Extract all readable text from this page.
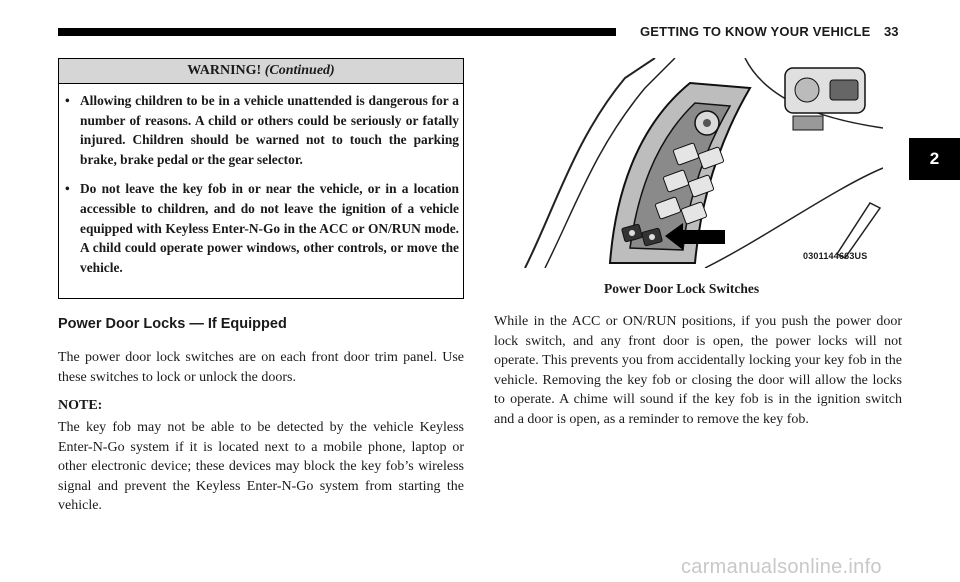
GETTING TO KNOW YOUR VEHICLE 33
2
WARNING! (Continued)
• Allowing children to be in a vehicle unattended is dangerous for a number of reasons. A child or others could be seriously or fatally injured. Children should be warned not to touch the parking brake, brake pedal or the gear selector.
• Do not leave the key fob in or near the vehicle, or in a location accessible to children, and do not leave the ignition of a vehicle equipped with Keyless Enter-N-Go in the ACC or ON/RUN mode. A child could operate power windows, other controls, or move the vehicle.
Power Door Locks — If Equipped

The power door lock switches are on each front door trim panel. Use these switches to lock or unlock the doors.

NOTE:

The key fob may not be able to be detected by the vehicle Keyless Enter-N-Go system if it is located next to a mobile phone, laptop or other electronic device; these devices may block the key fob’s wireless signal and prevent the Keyless Enter-N-Go system from starting the vehicle.

0301144663US
Power Door Lock Switches

While in the ACC or ON/RUN positions, if you push the power door lock switch, and any front door is open, the power locks will not operate. This prevents you from accidentally locking your key fob in the vehicle. Removing the key fob or closing the door will allow the locks to operate. A chime will sound if the key fob is in the ignition switch and a door is open, as a reminder to remove the key fob.

carmanualsonline.info
